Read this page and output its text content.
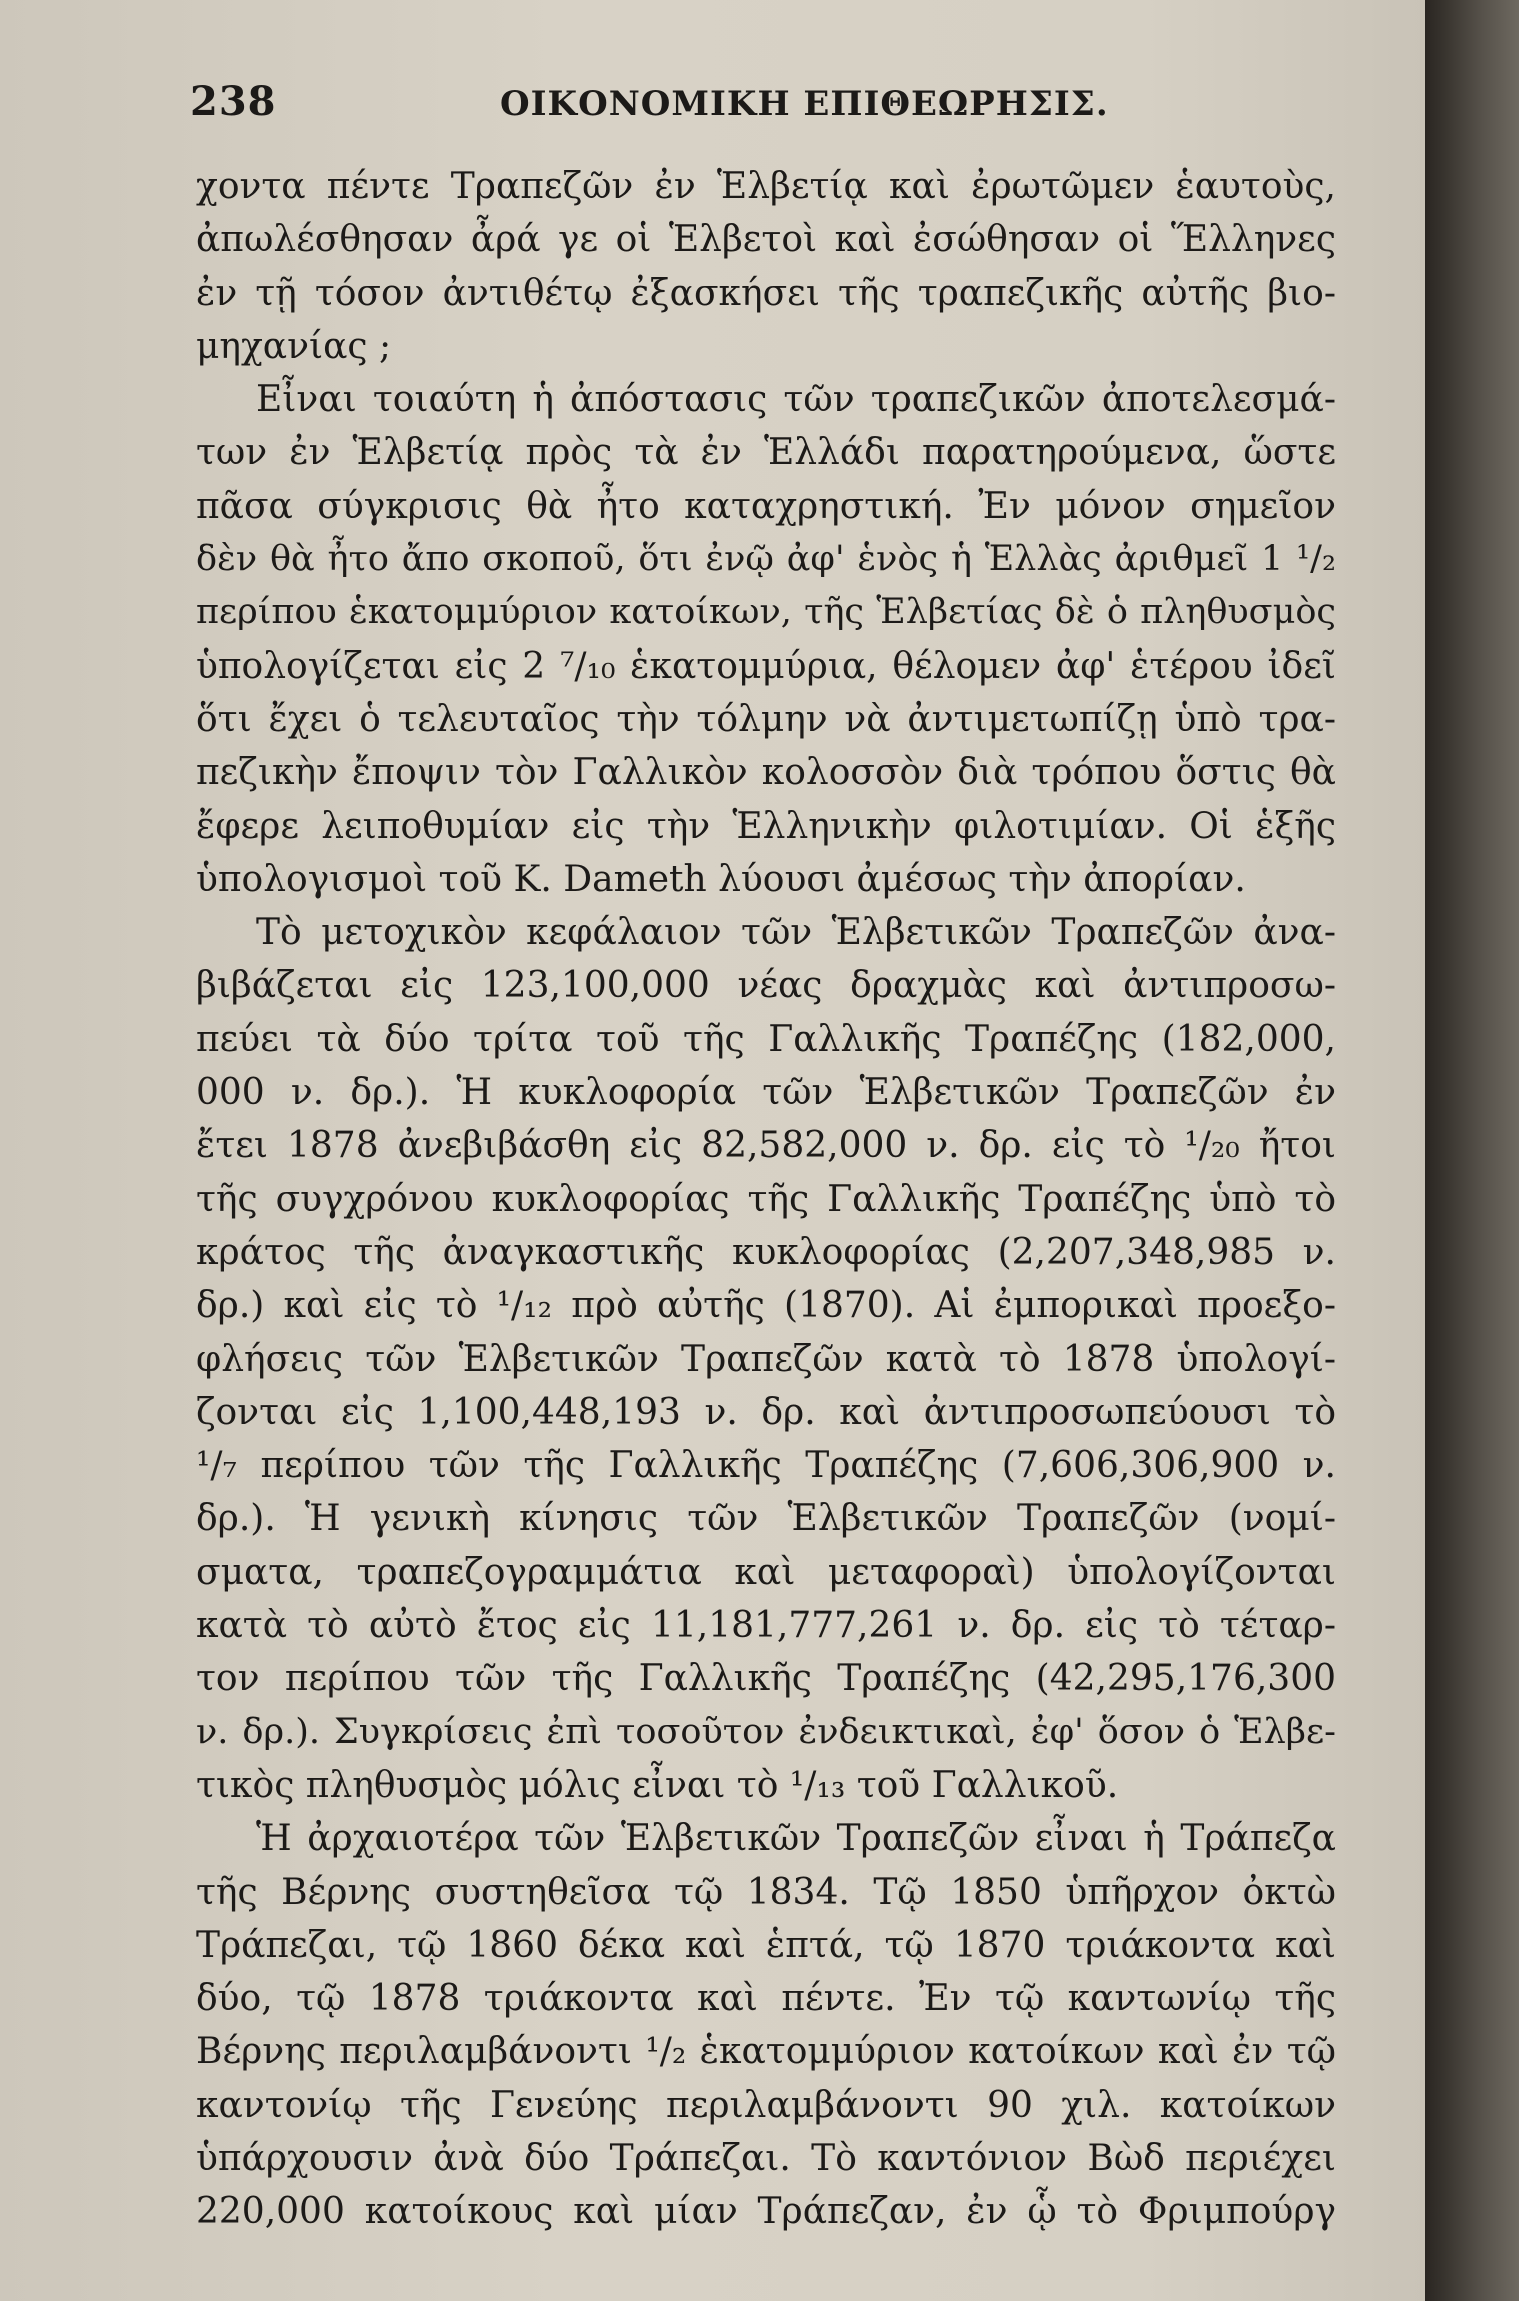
238	ΟΙΚΟΝΟΜΙΚΗ ΕΠΙΘΕΩΡΗΣΙΣ.
χοντα πέντε Τραπεζῶν ἐν Ἑλβετίᾳ καὶ ἐρωτῶμεν ἑαυτοὺς,
ἀπωλέσθησαν ἆρά γε οἱ Ἑλβετοὶ καὶ ἐσώθησαν οἱ Ἕλληνες
ἐν τῇ τόσον ἀντιθέτῳ ἐξασκήσει τῆς τραπεζικῆς αὐτῆς βιο-
μηχανίας ;
Εἶναι τοιαύτη ἡ ἀπόστασις τῶν τραπεζικῶν ἀποτελεσμά-
των ἐν Ἑλβετίᾳ πρὸς τὰ ἐν Ἑλλάδι παρατηρούμενα, ὥστε
πᾶσα σύγκρισις θὰ ἦτο καταχρηστική. Ἐν μόνον σημεῖον
δὲν θὰ ἦτο ἄπο σκοποῦ, ὅτι ἐνῷ ἀφ' ἑνὸς ἡ Ἑλλὰς ἀριθμεῖ 1 ¹/₂
περίπου ἑκατομμύριον κατοίκων, τῆς Ἑλβετίας δὲ ὁ πληθυσμὸς
ὑπολογίζεται εἰς 2 ⁷/₁₀ ἑκατομμύρια, θέλομεν ἀφ' ἑτέρου ἰδεῖ
ὅτι ἔχει ὁ τελευταῖος τὴν τόλμην νὰ ἀντιμετωπίζῃ ὑπὸ τρα-
πεζικὴν ἔποψιν τὸν Γαλλικὸν κολοσσὸν διὰ τρόπου ὅστις θὰ
ἔφερε λειποθυμίαν εἰς τὴν Ἑλληνικὴν φιλοτιμίαν. Οἱ ἑξῆς
ὑπολογισμοὶ τοῦ Κ. Dameth λύουσι ἀμέσως τὴν ἀπορίαν.
Τὸ μετοχικὸν κεφάλαιον τῶν Ἑλβετικῶν Τραπεζῶν ἀνα-
βιβάζεται εἰς 123,100,000 νέας δραχμὰς καὶ ἀντιπροσω-
πεύει τὰ δύο τρίτα τοῦ τῆς Γαλλικῆς Τραπέζης (182,000,
000 ν. δρ.). Ἡ κυκλοφορία τῶν Ἑλβετικῶν Τραπεζῶν ἐν
ἔτει 1878 ἀνεβιβάσθη εἰς 82,582,000 ν. δρ. εἰς τὸ ¹/₂₀ ἤτοι
τῆς συγχρόνου κυκλοφορίας τῆς Γαλλικῆς Τραπέζης ὑπὸ τὸ
κράτος τῆς ἀναγκαστικῆς κυκλοφορίας (2,207,348,985 ν.
δρ.) καὶ εἰς τὸ ¹/₁₂ πρὸ αὐτῆς (1870). Αἱ ἐμπορικαὶ προεξο-
φλήσεις τῶν Ἑλβετικῶν Τραπεζῶν κατὰ τὸ 1878 ὑπολογί-
ζονται εἰς 1,100,448,193 ν. δρ. καὶ ἀντιπροσωπεύουσι τὸ
¹/₇ περίπου τῶν τῆς Γαλλικῆς Τραπέζης (7,606,306,900 ν.
δρ.). Ἡ γενικὴ κίνησις τῶν Ἑλβετικῶν Τραπεζῶν (νομί-
σματα, τραπεζογραμμάτια καὶ μεταφοραὶ) ὑπολογίζονται
κατὰ τὸ αὐτὸ ἔτος εἰς 11,181,777,261 ν. δρ. εἰς τὸ τέταρ-
τον περίπου τῶν τῆς Γαλλικῆς Τραπέζης (42,295,176,300
ν. δρ.). Συγκρίσεις ἐπὶ τοσοῦτον ἐνδεικτικαὶ, ἐφ' ὅσον ὁ Ἑλβε-
τικὸς πληθυσμὸς μόλις εἶναι τὸ ¹/₁₃ τοῦ Γαλλικοῦ.
Ἡ ἀρχαιοτέρα τῶν Ἑλβετικῶν Τραπεζῶν εἶναι ἡ Τράπεζα
τῆς Βέρνης συστηθεῖσα τῷ 1834. Τῷ 1850 ὑπῆρχον ὀκτὼ
Τράπεζαι, τῷ 1860 δέκα καὶ ἑπτά, τῷ 1870 τριάκοντα καὶ
δύο, τῷ 1878 τριάκοντα καὶ πέντε. Ἐν τῷ καντωνίῳ τῆς
Βέρνης περιλαμβάνοντι ¹/₂ ἑκατομμύριον κατοίκων καὶ ἐν τῷ
καντονίῳ τῆς Γενεύης περιλαμβάνοντι 90 χιλ. κατοίκων
ὑπάρχουσιν ἀνὰ δύο Τράπεζαι. Τὸ καντόνιον Βὼδ περιέχει
220,000 κατοίκους καὶ μίαν Τράπεζαν, ἐν ᾧ τὸ Φριμπούργ
